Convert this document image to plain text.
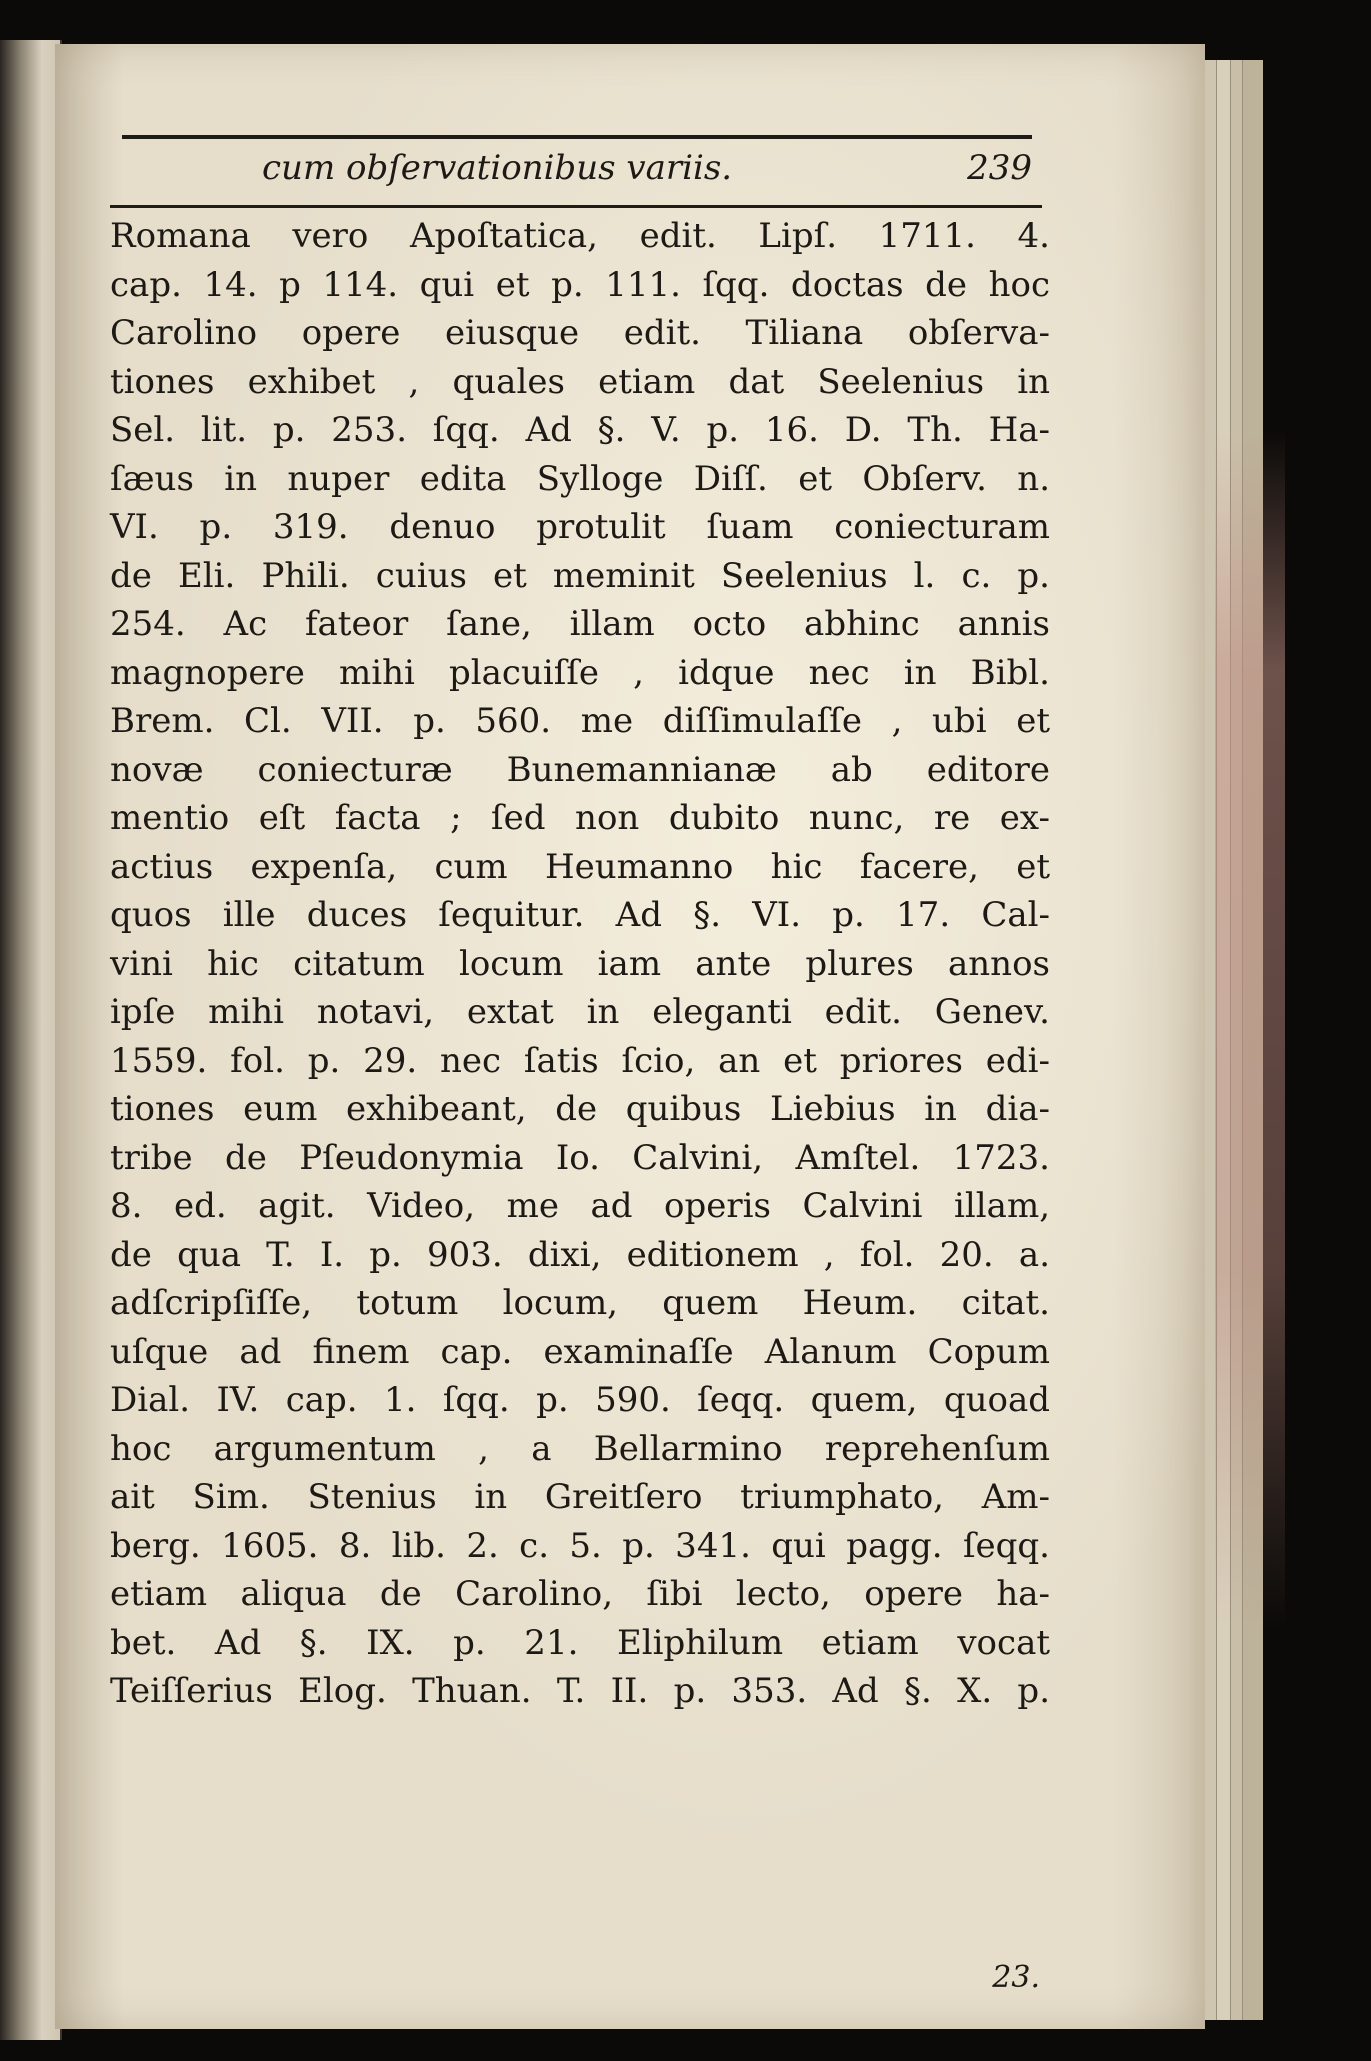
cum obſervationibus variis.	239
Romana vero Apoſtatica, edit. Lipſ. 1711. 4.
cap. 14. p 114. qui et p. 111. ſqq. doctas de hoc
Carolino opere eiusque edit. Tiliana obſerva-
tiones exhibet , quales etiam dat Seelenius in
Sel. lit. p. 253. ſqq. Ad §. V. p. 16. D. Th. Ha-
ſæus in nuper edita Sylloge Diſſ. et Obſerv. n.
VI. p. 319. denuo protulit ſuam coniecturam
de Eli. Phili. cuius et meminit Seelenius l. c. p.
254. Ac fateor ſane, illam octo abhinc annis
magnopere mihi placuiſſe , idque nec in Bibl.
Brem. Cl. VII. p. 560. me diſſimulaſſe , ubi et
novæ coniecturæ Bunemannianæ ab editore
mentio eſt facta ; ſed non dubito nunc, re ex-
actius expenſa, cum Heumanno hic facere, et
quos ille duces ſequitur. Ad §. VI. p. 17. Cal-
vini hic citatum locum iam ante plures annos
ipſe mihi notavi, extat in eleganti edit. Genev.
1559. fol. p. 29. nec ſatis ſcio, an et priores edi-
tiones eum exhibeant, de quibus Liebius in dia-
tribe de Pſeudonymia Io. Calvini, Amſtel. 1723.
8. ed. agit. Video, me ad operis Calvini illam,
de qua T. I. p. 903. dixi, editionem , fol. 20. a.
adſcripſiſſe, totum locum, quem Heum. citat.
uſque ad finem cap. examinaſſe Alanum Copum
Dial. IV. cap. 1. ſqq. p. 590. ſeqq. quem, quoad
hoc argumentum , a Bellarmino reprehenſum
ait Sim. Stenius in Greitſero triumphato, Am-
berg. 1605. 8. lib. 2. c. 5. p. 341. qui pagg. ſeqq.
etiam aliqua de Carolino, ſibi lecto, opere ha-
bet. Ad §. IX. p. 21. Eliphilum etiam vocat
Teiſſerius Elog. Thuan. T. II. p. 353. Ad §. X. p.
23.
